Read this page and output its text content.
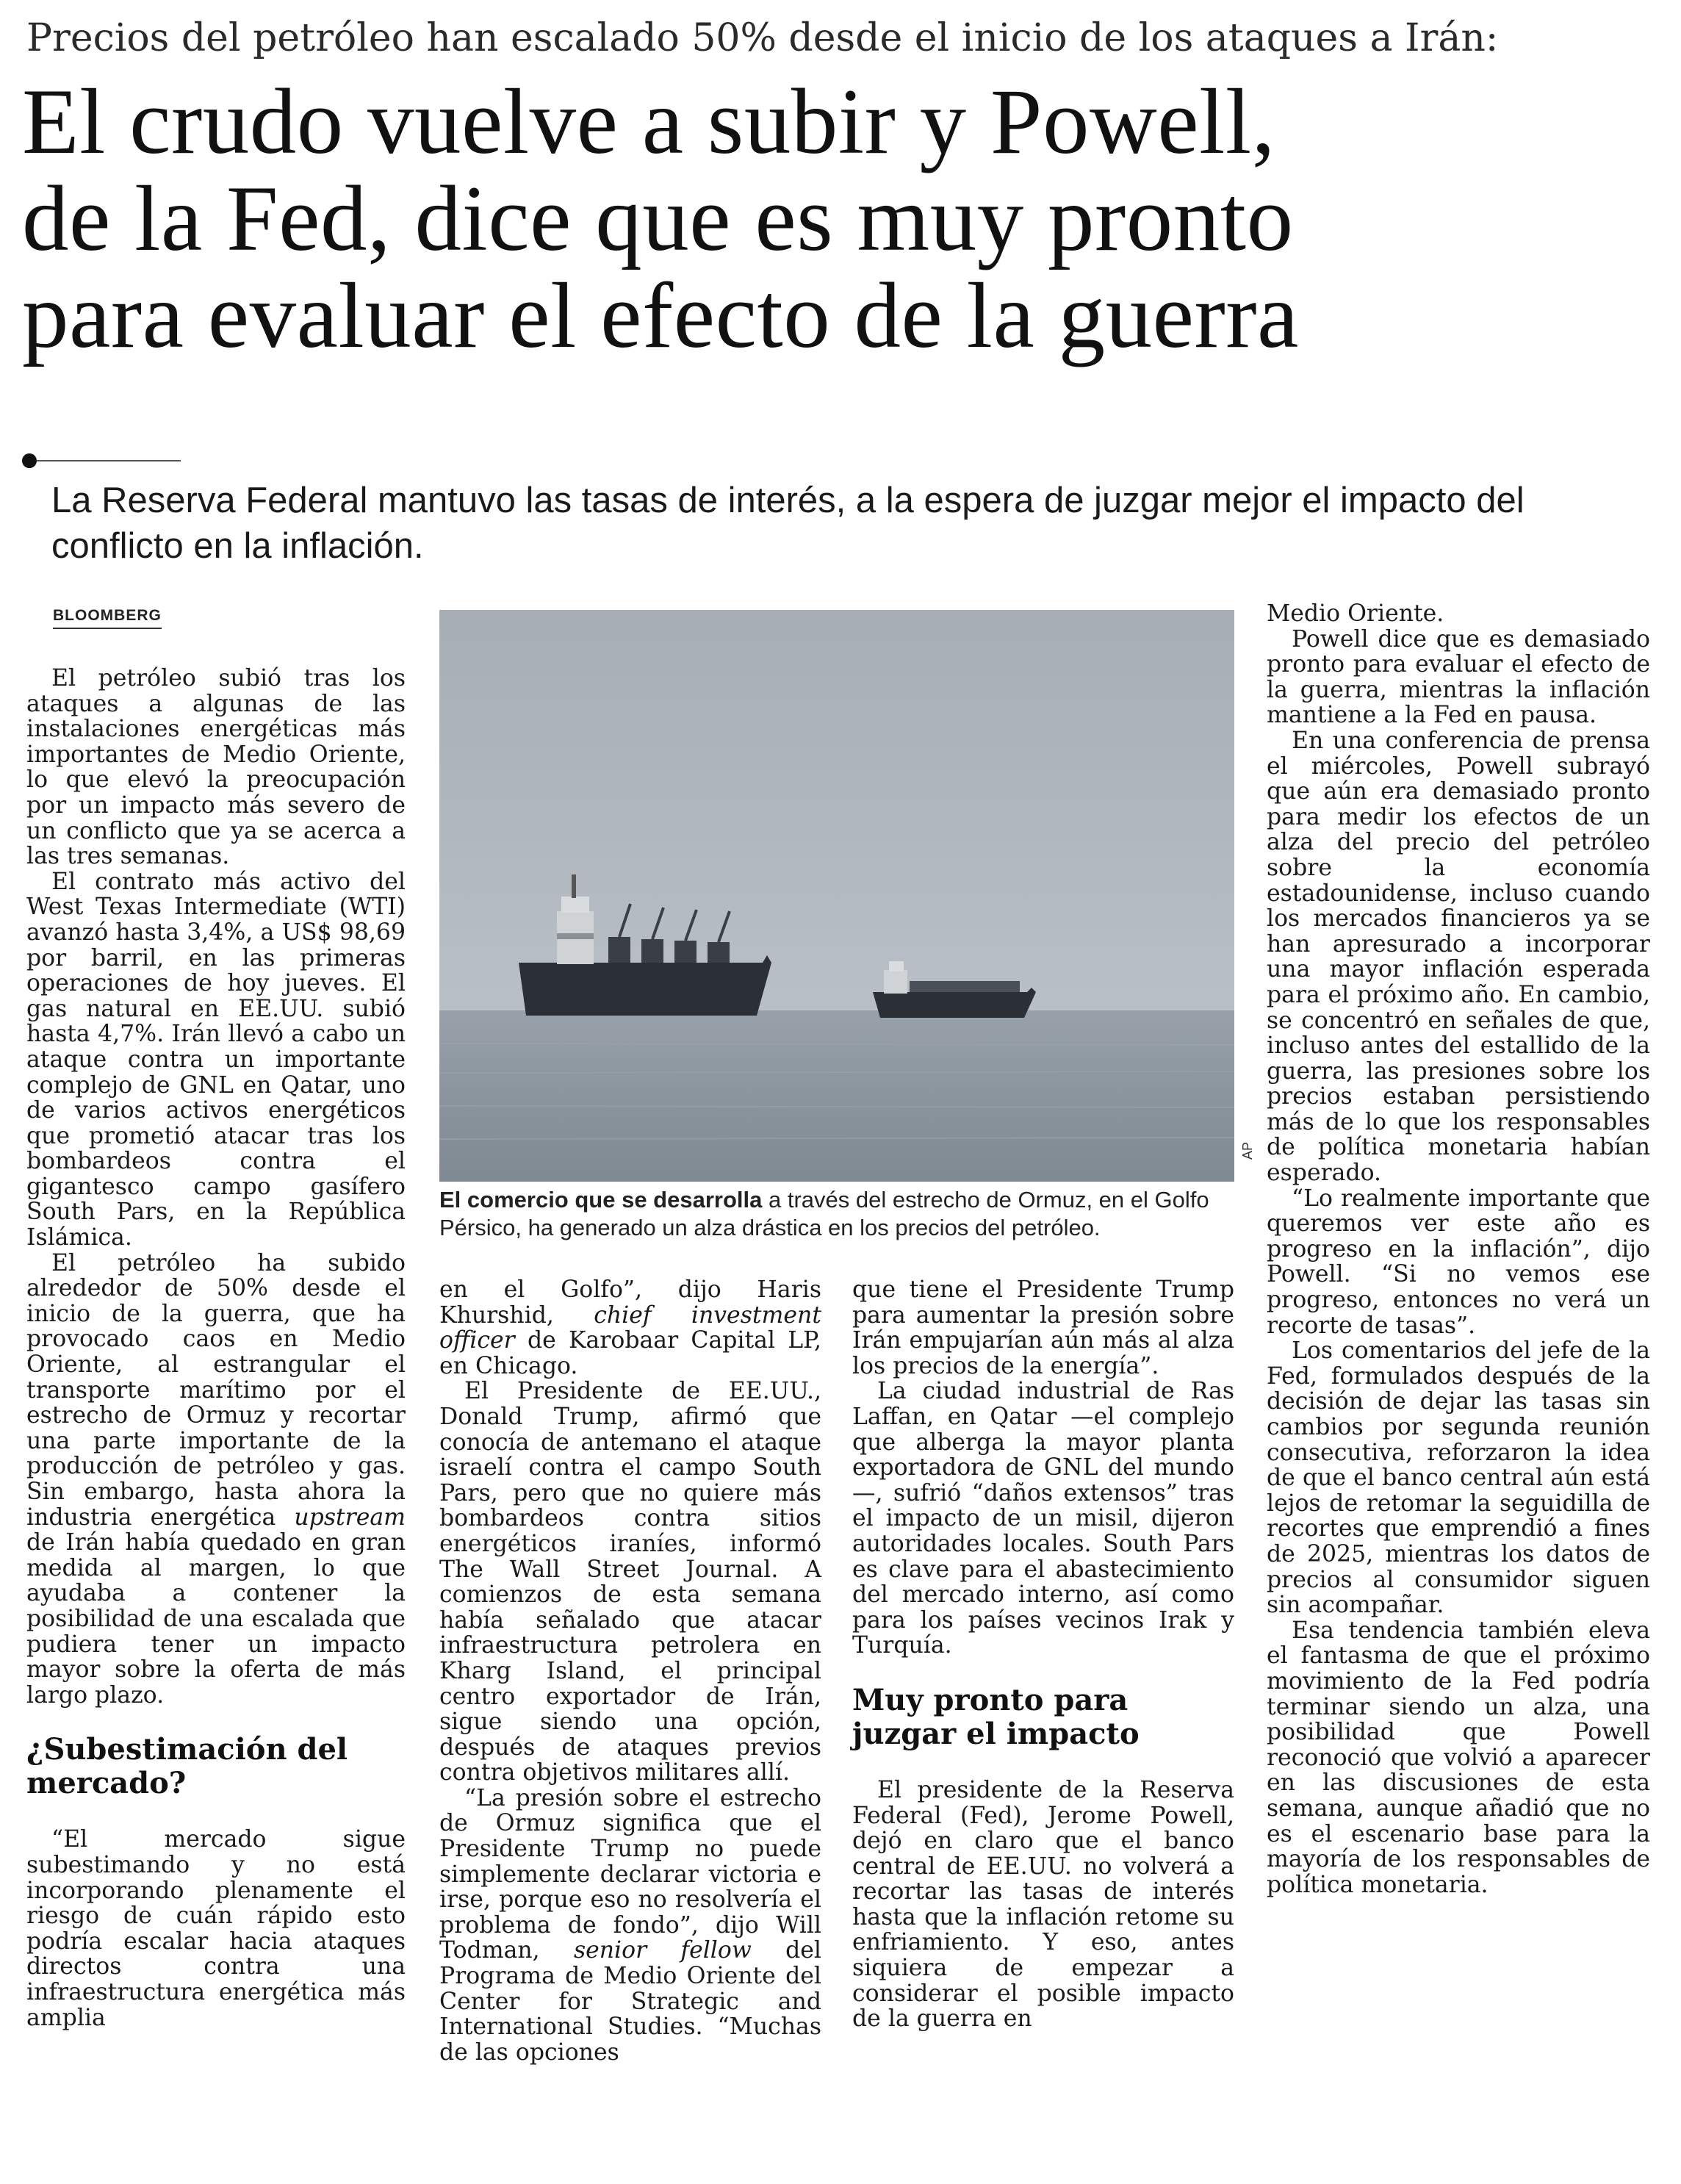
Precios del petróleo han escalado 50% desde el inicio de los ataques a Irán:
El crudo vuelve a subir y Powell,
de la Fed, dice que es muy pronto
para evaluar el efecto de la guerra
La Reserva Federal mantuvo las tasas de interés, a la espera de juzgar mejor el impacto del conflicto en la inflación.
BLOOMBERG

El petróleo subió tras los ataques a algunas de las instalaciones energéticas más importantes de Medio Oriente, lo que elevó la preocupación por un impacto más severo de un conflicto que ya se acerca a las tres semanas.

El contrato más activo del West Texas Intermediate (WTI) avanzó hasta 3,4%, a US$ 98,69 por barril, en las primeras operaciones de hoy jueves. El gas natural en EE.UU. subió hasta 4,7%. Irán llevó a cabo un ataque contra un importante complejo de GNL en Qatar, uno de varios activos energéticos que prometió atacar tras los bombardeos contra el gigantesco campo gasífero South Pars, en la República Islámica.

El petróleo ha subido alrededor de 50% desde el inicio de la guerra, que ha provocado caos en Medio Oriente, al estrangular el transporte marítimo por el estrecho de Ormuz y recortar una parte importante de la producción de petróleo y gas. Sin embargo, hasta ahora la industria energética upstream de Irán había quedado en gran medida al margen, lo que ayudaba a contener la posibilidad de una escalada que pudiera tener un impacto mayor sobre la oferta de más largo plazo.

¿Subestimación del mercado?

“El mercado sigue subestimando y no está incorporando plenamente el riesgo de cuán rápido esto podría escalar hacia ataques directos contra una infraestructura energética más amplia

AP
El comercio que se desarrolla a través del estrecho de Ormuz, en el Golfo Pérsico, ha generado un alza drástica en los precios del petróleo.

en el Golfo”, dijo Haris Khurshid, chief investment officer de Karobaar Capital LP, en Chicago.

El Presidente de EE.UU., Donald Trump, afirmó que conocía de antemano el ataque israelí contra el campo South Pars, pero que no quiere más bombardeos contra sitios energéticos iraníes, informó The Wall Street Journal. A comienzos de esta semana había señalado que atacar infraestructura petrolera en Kharg Island, el principal centro exportador de Irán, sigue siendo una opción, después de ataques previos contra objetivos militares allí.

“La presión sobre el estrecho de Ormuz significa que el Presidente Trump no puede simplemente declarar victoria e irse, porque eso no resolvería el problema de fondo”, dijo Will Todman, senior fellow del Programa de Medio Oriente del Center for Strategic and International Studies. “Muchas de las opciones

que tiene el Presidente Trump para aumentar la presión sobre Irán empujarían aún más al alza los precios de la energía”.

La ciudad industrial de Ras Laffan, en Qatar —el complejo que alberga la mayor planta exportadora de GNL del mundo—, sufrió “daños extensos” tras el impacto de un misil, dijeron autoridades locales. South Pars es clave para el abastecimiento del mercado interno, así como para los países vecinos Irak y Turquía.

Muy pronto para juzgar el impacto

El presidente de la Reserva Federal (Fed), Jerome Powell, dejó en claro que el banco central de EE.UU. no volverá a recortar las tasas de interés hasta que la inflación retome su enfriamiento. Y eso, antes siquiera de empezar a considerar el posible impacto de la guerra en

Medio Oriente.

Powell dice que es demasiado pronto para evaluar el efecto de la guerra, mientras la inflación mantiene a la Fed en pausa.

En una conferencia de prensa el miércoles, Powell subrayó que aún era demasiado pronto para medir los efectos de un alza del precio del petróleo sobre la economía estadounidense, incluso cuando los mercados financieros ya se han apresurado a incorporar una mayor inflación esperada para el próximo año. En cambio, se concentró en señales de que, incluso antes del estallido de la guerra, las presiones sobre los precios estaban persistiendo más de lo que los responsables de política monetaria habían esperado.

“Lo realmente importante que queremos ver este año es progreso en la inflación”, dijo Powell. “Si no vemos ese progreso, entonces no verá un recorte de tasas”.

Los comentarios del jefe de la Fed, formulados después de la decisión de dejar las tasas sin cambios por segunda reunión consecutiva, reforzaron la idea de que el banco central aún está lejos de retomar la seguidilla de recortes que emprendió a fines de 2025, mientras los datos de precios al consumidor siguen sin acompañar.

Esa tendencia también eleva el fantasma de que el próximo movimiento de la Fed podría terminar siendo un alza, una posibilidad que Powell reconoció que volvió a aparecer en las discusiones de esta semana, aunque añadió que no es el escenario base para la mayoría de los responsables de política monetaria.
